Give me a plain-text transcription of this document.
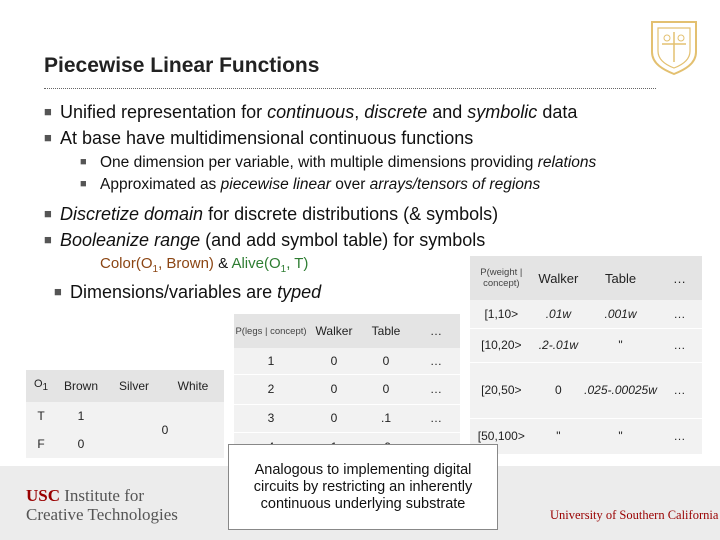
Piecewise Linear Functions
■ Unified representation for continuous, discrete and symbolic data
■ At base have multidimensional continuous functions
■ One dimension per variable, with multiple dimensions providing relations
■ Approximated as piecewise linear over arrays/tensors of regions
■ Discretize domain for discrete distributions (& symbols)
■ Booleanize range (and add symbol table) for symbols
$Color(O_1$, Brown) & $Alive(O_1$, T)
■ Dimensions/variables are typed
USC Institute for
Creative Technologies	University of Southern California
$O_1$	Brown	Silver	White
T	1	0	
F	0		
P(legs | concept)	Walker	Table	…
1	0	0	…
2	0	0	…
3	0	.1	…

P(weight | concept)	Walker	Table	…
[1,10>	.01w	.001w	…
[10,20>	.2-.01w	"	…
[20,50>	0	.025-.00025w	…
[50,100>	"	"	…
Analogous to implementing digital circuits by restricting an inherently continuous underlying substrate
